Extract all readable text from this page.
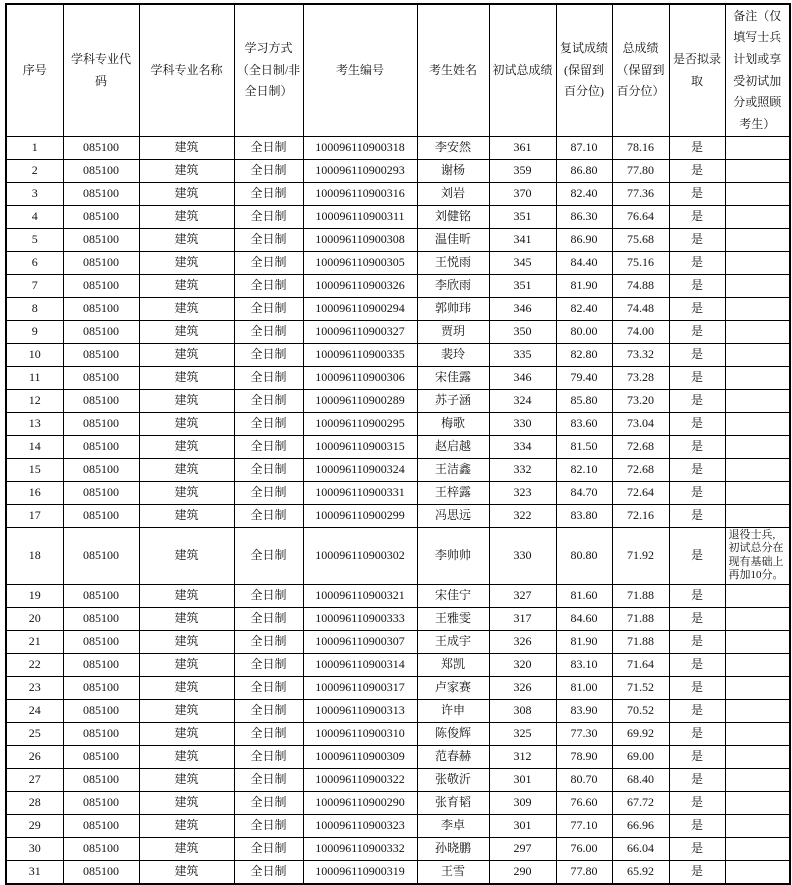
序号	学科专业代码	学科专业名称	学习方式（全日制/非全日制）	考生编号	考生姓名	初试总成绩	复试成绩(保留到百分位)	总成绩（保留到百分位）	是否拟录取	备注（仅填写士兵计划或享受初试加分或照顾考生）
1	085100	建筑	全日制	100096110900318	李安然	361	87.10	78.16	是	
2	085100	建筑	全日制	100096110900293	谢杨	359	86.80	77.80	是	
3	085100	建筑	全日制	100096110900316	刘岩	370	82.40	77.36	是	
4	085100	建筑	全日制	100096110900311	刘健铭	351	86.30	76.64	是	
5	085100	建筑	全日制	100096110900308	温佳昕	341	86.90	75.68	是	
6	085100	建筑	全日制	100096110900305	王悦雨	345	84.40	75.16	是	
7	085100	建筑	全日制	100096110900326	李欣雨	351	81.90	74.88	是	
8	085100	建筑	全日制	100096110900294	郭帅玮	346	82.40	74.48	是	
9	085100	建筑	全日制	100096110900327	贾玥	350	80.00	74.00	是	
10	085100	建筑	全日制	100096110900335	裴玲	335	82.80	73.32	是	
11	085100	建筑	全日制	100096110900306	宋佳露	346	79.40	73.28	是	
12	085100	建筑	全日制	100096110900289	苏子涵	324	85.80	73.20	是	
13	085100	建筑	全日制	100096110900295	梅歌	330	83.60	73.04	是	
14	085100	建筑	全日制	100096110900315	赵启越	334	81.50	72.68	是	
15	085100	建筑	全日制	100096110900324	王洁鑫	332	82.10	72.68	是	
16	085100	建筑	全日制	100096110900331	王梓露	323	84.70	72.64	是	
17	085100	建筑	全日制	100096110900299	冯思远	322	83.80	72.16	是	
18	085100	建筑	全日制	100096110900302	李帅帅	330	80.80	71.92	是	退役士兵,初试总分在现有基础上再加10分。
19	085100	建筑	全日制	100096110900321	宋佳宁	327	81.60	71.88	是	
20	085100	建筑	全日制	100096110900333	王雅雯	317	84.60	71.88	是	
21	085100	建筑	全日制	100096110900307	王成宇	326	81.90	71.88	是	
22	085100	建筑	全日制	100096110900314	郑凯	320	83.10	71.64	是	
23	085100	建筑	全日制	100096110900317	卢家赛	326	81.00	71.52	是	
24	085100	建筑	全日制	100096110900313	许申	308	83.90	70.52	是	
25	085100	建筑	全日制	100096110900310	陈俊辉	325	77.30	69.92	是	
26	085100	建筑	全日制	100096110900309	范春赫	312	78.90	69.00	是	
27	085100	建筑	全日制	100096110900322	张敬沂	301	80.70	68.40	是	
28	085100	建筑	全日制	100096110900290	张育韬	309	76.60	67.72	是	
29	085100	建筑	全日制	100096110900323	李卓	301	77.10	66.96	是	
30	085100	建筑	全日制	100096110900332	孙晓鹏	297	76.00	66.04	是	
31	085100	建筑	全日制	100096110900319	王雪	290	77.80	65.92	是	
